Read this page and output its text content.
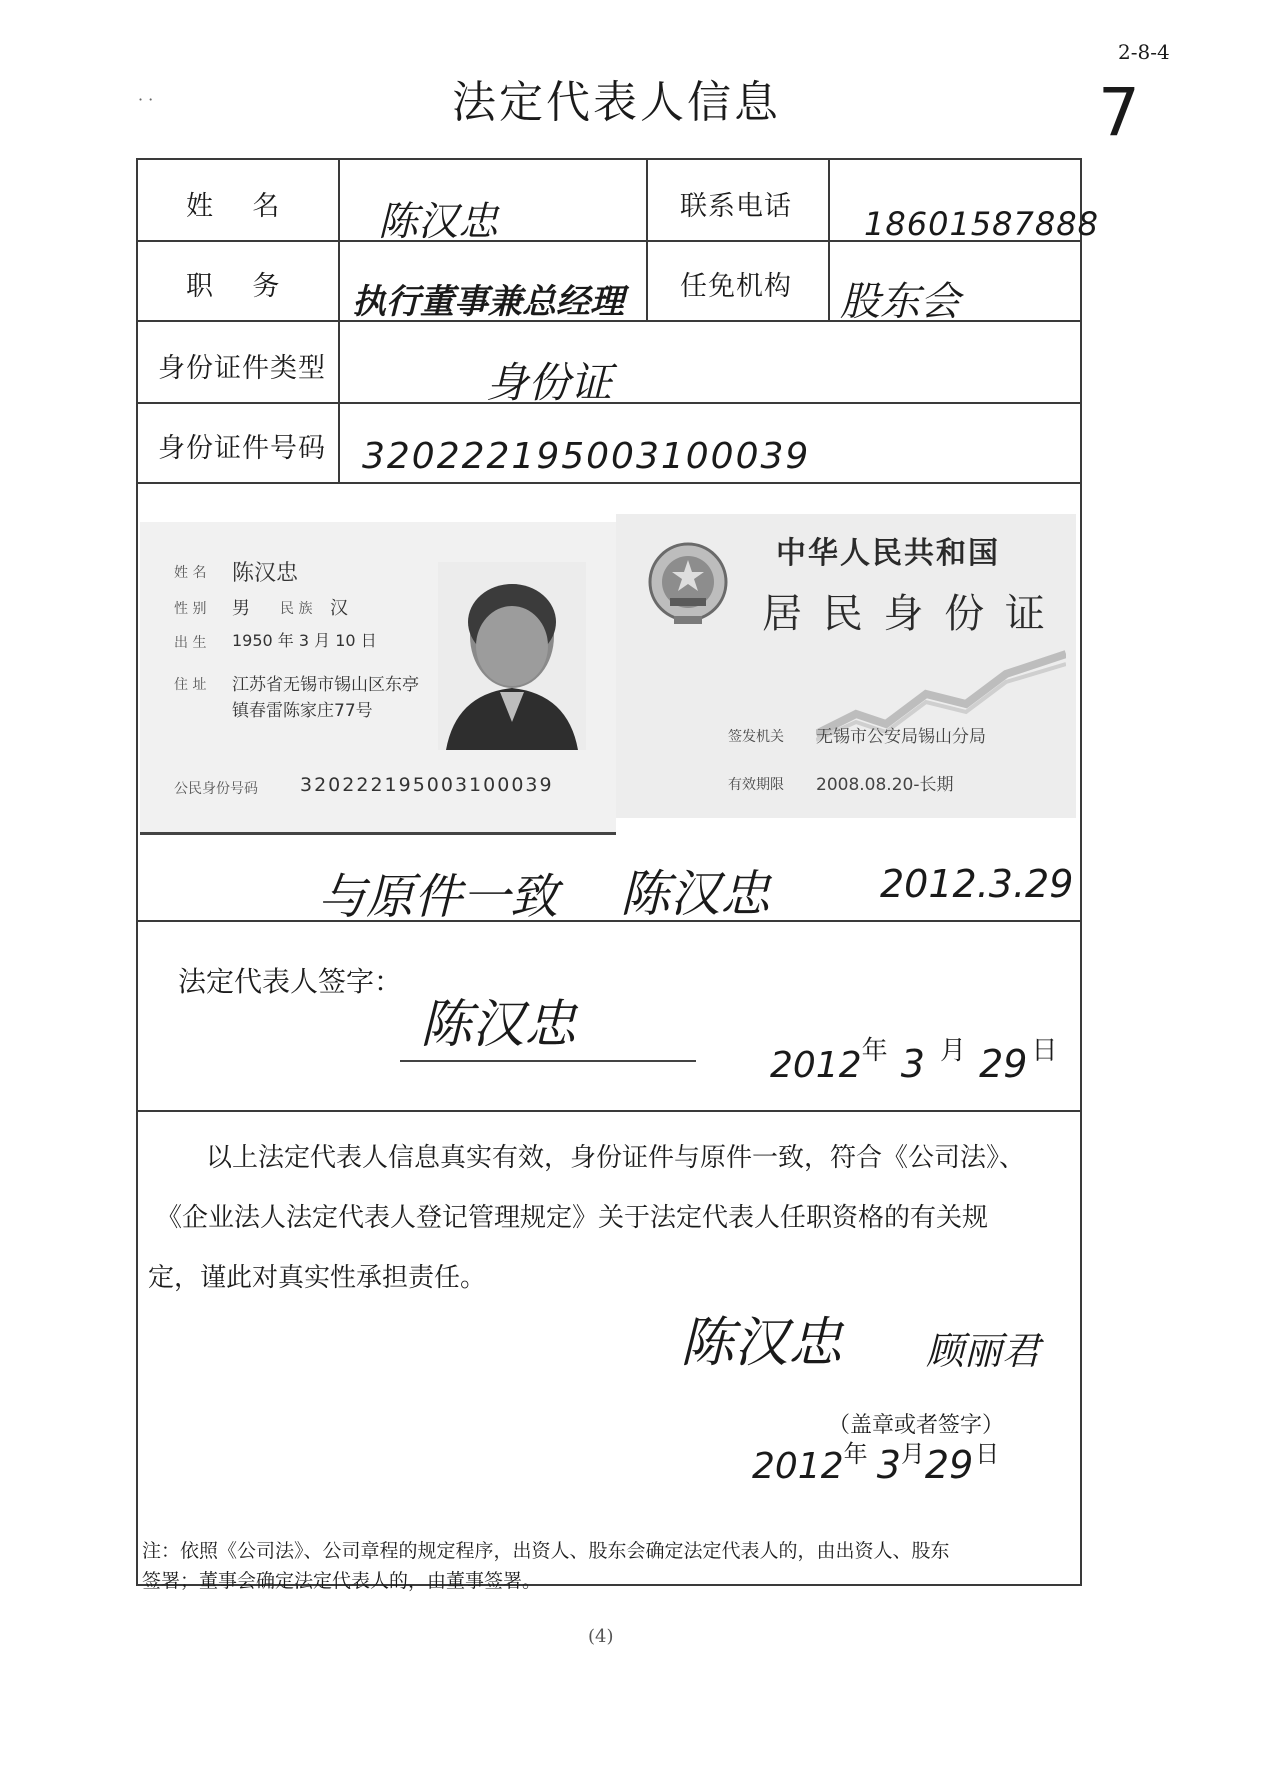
2-8-4
7
· ·	法定代表人信息
姓    名 陈汉忠	联系电话 18601587888
职    务 执行董事兼总经理 任免机构 股东会
身份证件类型	身份证
身份证件号码 320222195003100039
姓 名 陈汉忠
性 别 男 民 族 汉
出 生 1950 年 3 月 10 日
住 址 江苏省无锡市锡山区东亭
镇春雷陈家庄77号
公民身份号码 320222195003100039
中华人民共和国
居 民 身 份 证
签发机关 无锡市公安局锡山分局
有效期限 2008.08.20-长期
与原件一致 陈汉忠	2012.3.29
法定代表人签字：
陈汉忠
2012年 3 月 29 日
以上法定代表人信息真实有效，身份证件与原件一致，符合《公司法》、
《企业法人法定代表人登记管理规定》关于法定代表人任职资格的有关规
定，谨此对真实性承担责任。
陈汉忠 顾丽君
（盖章或者签字）
2012年 3月29日
注：依照《公司法》、公司章程的规定程序，出资人、股东会确定法定代表人的，由出资人、股东
签署；董事会确定法定代表人的，由董事签署。
(4)
